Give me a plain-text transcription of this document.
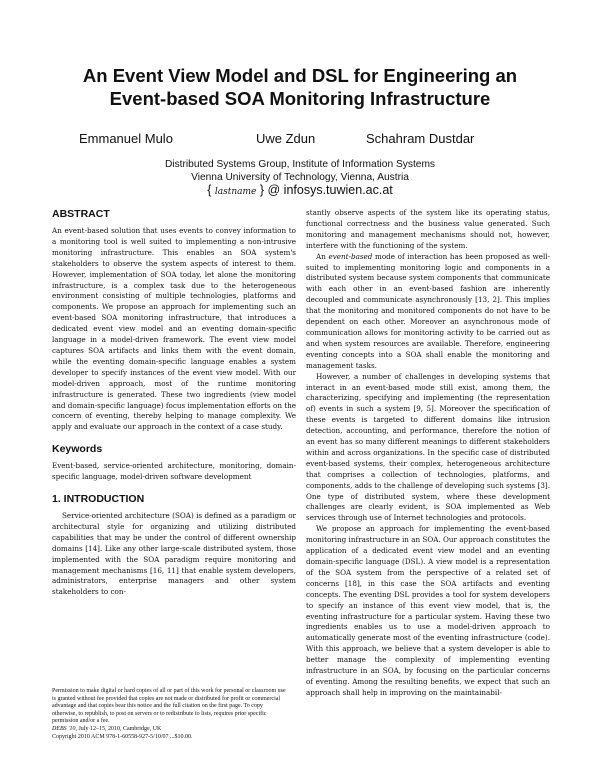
An Event View Model and DSL for Engineering an
Event-based SOA Monitoring Infrastructure
Emmanuel Mulo	Uwe Zdun	Schahram Dustdar
Distributed Systems Group, Institute of Information Systems
Vienna University of Technology, Vienna, Austria
{ lastname } @ infosys.tuwien.ac.at
ABSTRACT

An event-based solution that uses events to convey information to a monitoring tool is well suited to implementing a non-intrusive monitoring infrastructure. This enables an SOA system's stakeholders to observe the system aspects of interest to them. However, implementation of SOA today, let alone the monitoring infrastructure, is a complex task due to the heterogeneous environment consisting of multiple technologies, platforms and components. We propose an approach for implementing such an event-based SOA monitoring infrastructure, that introduces a dedicated event view model and an eventing domain-specific language in a model-driven framework. The event view model captures SOA artifacts and links them with the event domain, while the eventing domain-specific language enables a system developer to specify instances of the event view model. With our model-driven approach, most of the runtime monitoring infrastructure is generated. These two ingredients (view model and domain-specific language) focus implementation efforts on the concern of eventing, thereby helping to manage complexity. We apply and evaluate our approach in the context of a case study.

Keywords

Event-based, service-oriented architecture, monitoring, domain-specific language, model-driven software development

1. INTRODUCTION

Service-oriented architecture (SOA) is defined as a paradigm or architectural style for organizing and utilizing distributed capabilities that may be under the control of different ownership domains [14]. Like any other large-scale distributed system, those implemented with the SOA paradigm require monitoring and management mechanisms [16, 11] that enable system developers, administrators, enterprise managers and other system stakeholders to con-

stantly observe aspects of the system like its operating status, functional correctness and the business value generated. Such monitoring and management mechanisms should not, however, interfere with the functioning of the system.

An event-based mode of interaction has been proposed as well-suited to implementing monitoring logic and components in a distributed system because system components that communicate with each other in an event-based fashion are inherently decoupled and communicate asynchronously [13, 2]. This implies that the monitoring and monitored components do not have to be dependent on each other. Moreover an asynchronous mode of communication allows for monitoring activity to be carried out as and when system resources are available. Therefore, engineering eventing concepts into a SOA shall enable the monitoring and management tasks.

However, a number of challenges in developing systems that interact in an event-based mode still exist, among them, the characterizing, specifying and implementing (the representation of) events in such a system [9, 5]. Moreover the specification of these events is targeted to different domains like intrusion detection, accounting, and performance, therefore the notion of an event has so many different meanings to different stakeholders within and across organizations. In the specific case of distributed event-based systems, their complex, heterogeneous architecture that comprises a collection of technologies, platforms, and components, adds to the challenge of developing such systems [3]. One type of distributed system, where these development challenges are clearly evident, is SOA implemented as Web services through use of Internet technologies and protocols.

We propose an approach for implementing the event-based monitoring infrastructure in an SOA. Our approach constitutes the application of a dedicated event view model and an eventing domain-specific language (DSL). A view model is a representation of the SOA system from the perspective of a related set of concerns [18], in this case the SOA artifacts and eventing concepts. The eventing DSL provides a tool for system developers to specify an instance of this event view model, that is, the eventing infrastructure for a particular system. Having these two ingredients enables us to use a model-driven approach to automatically generate most of the eventing infrastructure (code). With this approach, we believe that a system developer is able to better manage the complexity of implementing eventing infrastructure in an SOA, by focusing on the particular concerns of eventing. Among the resulting benefits, we expect that such an approach shall help in improving on the maintainabil-

Permission to make digital or hard copies of all or part of this work for personal or classroom use is granted without fee provided that copies are not made or distributed for profit or commercial advantage and that copies bear this notice and the full citation on the first page. To copy otherwise, to republish, to post on servers or to redistribute to lists, requires prior specific permission and/or a fee.
DEBS '10, July 12–15, 2010, Cambridge, UK
Copyright 2010 ACM 978-1-60558-927-5/10/07 ...$10.00.
